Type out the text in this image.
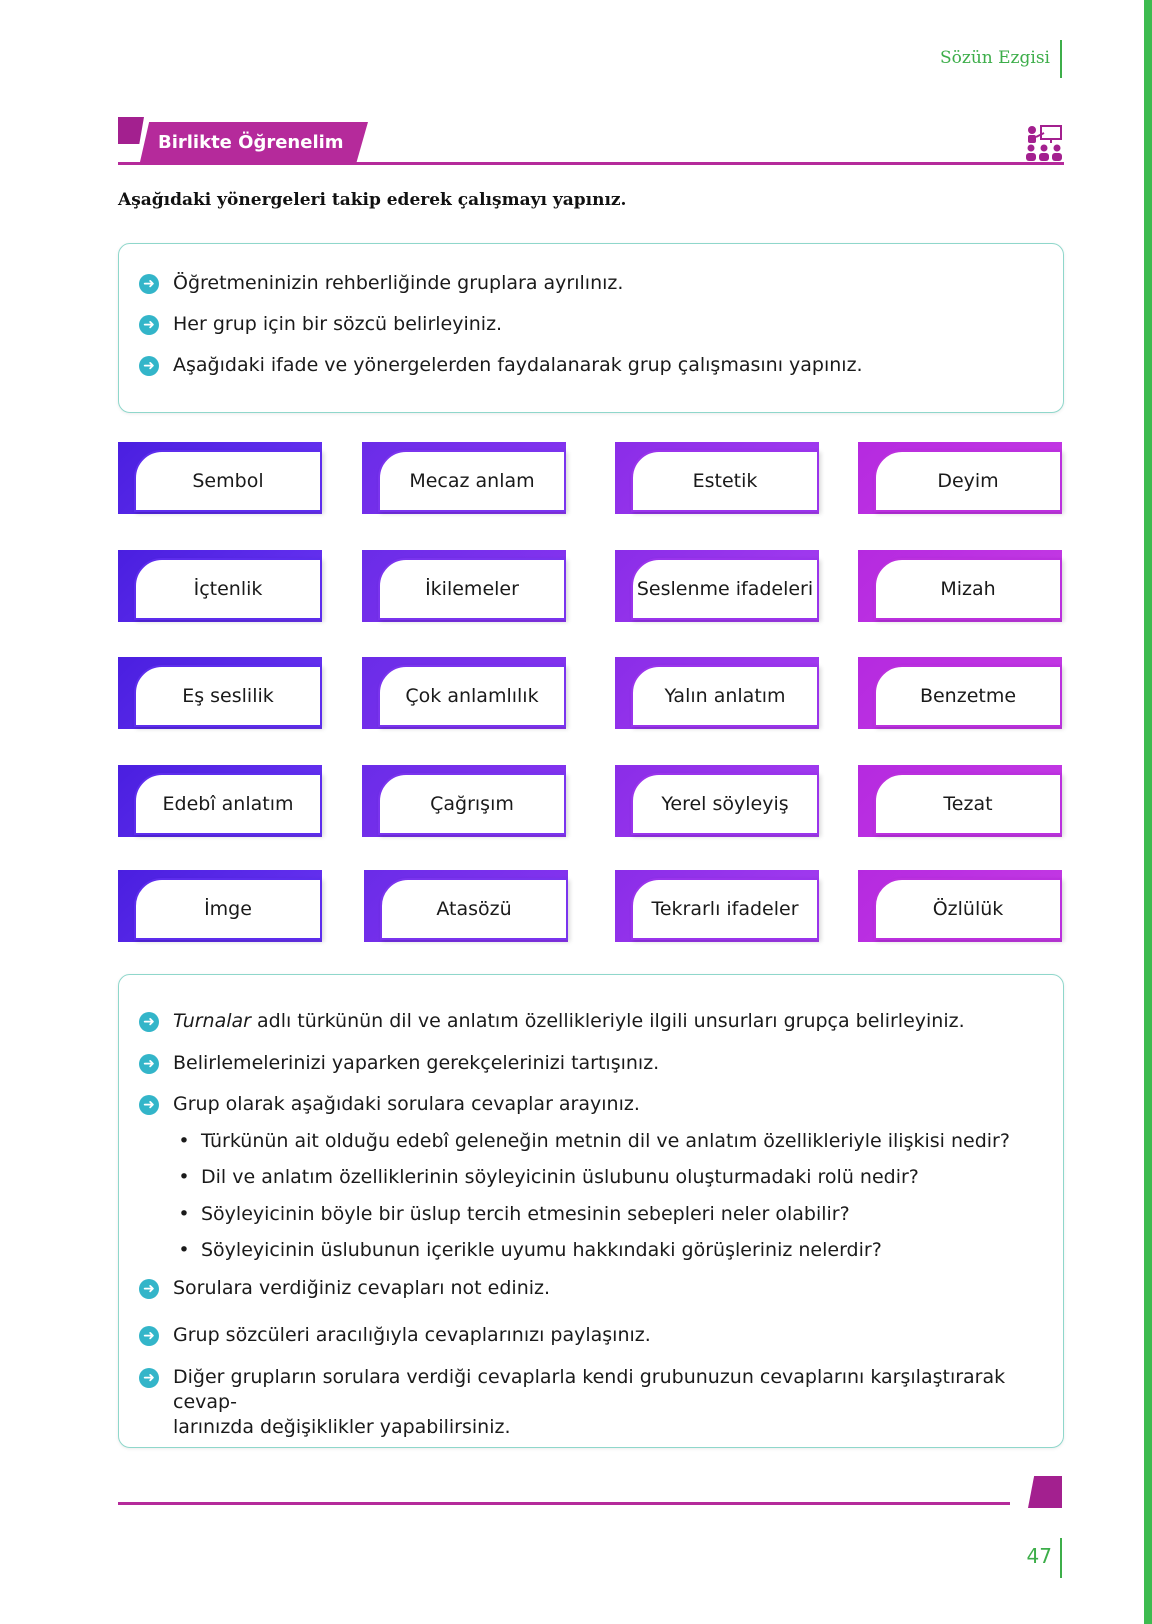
Sözün Ezgisi
Birlikte Öğrenelim
Aşağıdaki yönergeleri takip ederek çalışmayı yapınız.
➜ Öğretmeninizin rehberliğinde gruplara ayrılınız.
➜ Her grup için bir sözcü belirleyiniz.
➜ Aşağıdaki ifade ve yönergelerden faydalanarak grup çalışmasını yapınız.
Sembol	Mecaz anlam	Estetik	Deyim
İçtenlik	İkilemeler	Seslenme ifadeleri	Mizah
Eş seslilik	Çok anlamlılık	Yalın anlatım	Benzetme
Edebî anlatım	Çağrışım	Yerel söyleyiş	Tezat
İmge	Atasözü	Tekrarlı ifadeler	Özlülük
➜ Turnalar adlı türkünün dil ve anlatım özellikleriyle ilgili unsurları grupça belirleyiniz.
➜ Belirlemelerinizi yaparken gerekçelerinizi tartışınız.
➜ Grup olarak aşağıdaki sorulara cevaplar arayınız.
• Türkünün ait olduğu edebî geleneğin metnin dil ve anlatım özellikleriyle ilişkisi nedir?
• Dil ve anlatım özelliklerinin söyleyicinin üslubunu oluşturmadaki rolü nedir?
• Söyleyicinin böyle bir üslup tercih etmesinin sebepleri neler olabilir?
• Söyleyicinin üslubunun içerikle uyumu hakkındaki görüşleriniz nelerdir?
➜ Sorulara verdiğiniz cevapları not ediniz.
➜ Grup sözcüleri aracılığıyla cevaplarınızı paylaşınız.
➜ Diğer grupların sorulara verdiği cevaplarla kendi grubunuzun cevaplarını karşılaştırarak cevap-
larınızda değişiklikler yapabilirsiniz.
47
